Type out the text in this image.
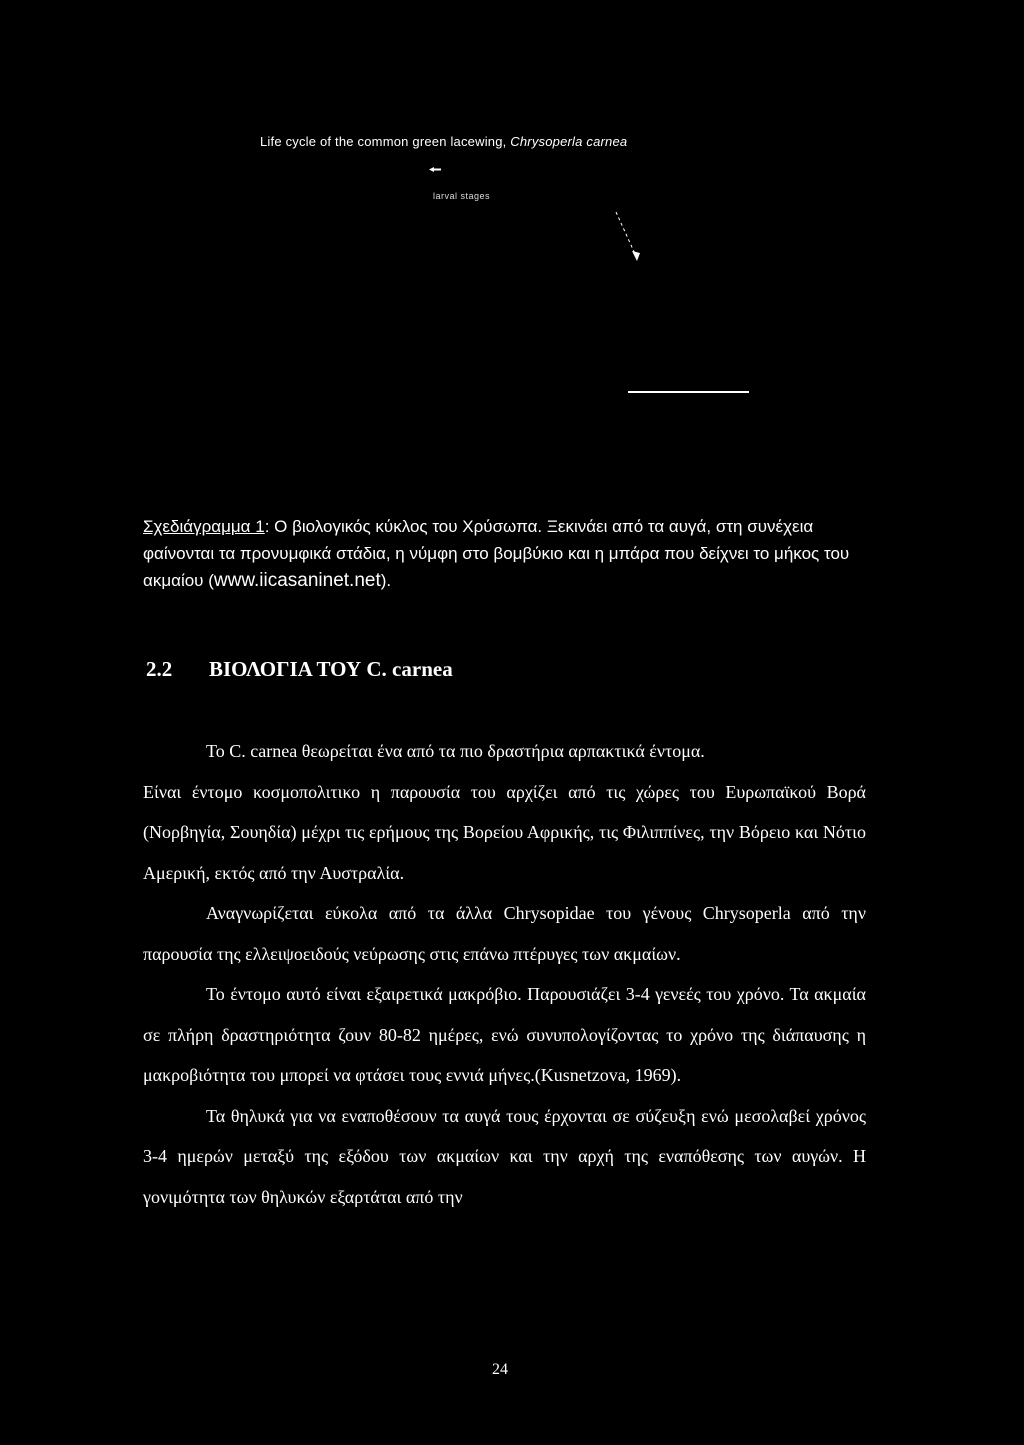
Life cycle of the common green lacewing, Chrysoperla carnea
larval stages
Σχεδιάγραμμα 1: Ο βιολογικός κύκλος του Χρύσωπα. Ξεκινάει από τα αυγά, στη συνέχεια φαίνονται τα προνυμφικά στάδια, η νύμφη στο βομβύκιο και η μπάρα που δείχνει το μήκος του ακμαίου (www.iicasaninet.net).
2.2 ΒΙΟΛΟΓΙΑ ΤΟΥ C. carnea

Το C. carnea θεωρείται ένα από τα πιο δραστήρια αρπακτικά έντομα.

Είναι έντομο κοσμοπολιτικο η παρουσία του αρχίζει από τις χώρες του Ευρωπαϊκού Βορά (Νορβηγία, Σουηδία) μέχρι τις ερήμους της Βορείου Αφρικής, τις Φιλιππίνες, την Βόρειο και Νότιο Αμερική, εκτός από την Αυστραλία.

Αναγνωρίζεται εύκολα από τα άλλα Chrysopidae του γένους Chrysoperla από την παρουσία της ελλειψοειδούς νεύρωσης στις επάνω πτέρυγες των ακμαίων.

Το έντομο αυτό είναι εξαιρετικά μακρόβιο. Παρουσιάζει 3-4 γενεές του χρόνο. Τα ακμαία σε πλήρη δραστηριότητα ζουν 80-82 ημέρες, ενώ συνυπολογίζοντας το χρόνο της διάπαυσης η μακροβιότητα του μπορεί να φτάσει τους εννιά μήνες.(Kusnetzova, 1969).

Τα θηλυκά για να εναποθέσουν τα αυγά τους έρχονται σε σύζευξη ενώ μεσολαβεί χρόνος 3-4 ημερών μεταξύ της εξόδου των ακμαίων και την αρχή της εναπόθεσης των αυγών. Η γονιμότητα των θηλυκών εξαρτάται από την

24
